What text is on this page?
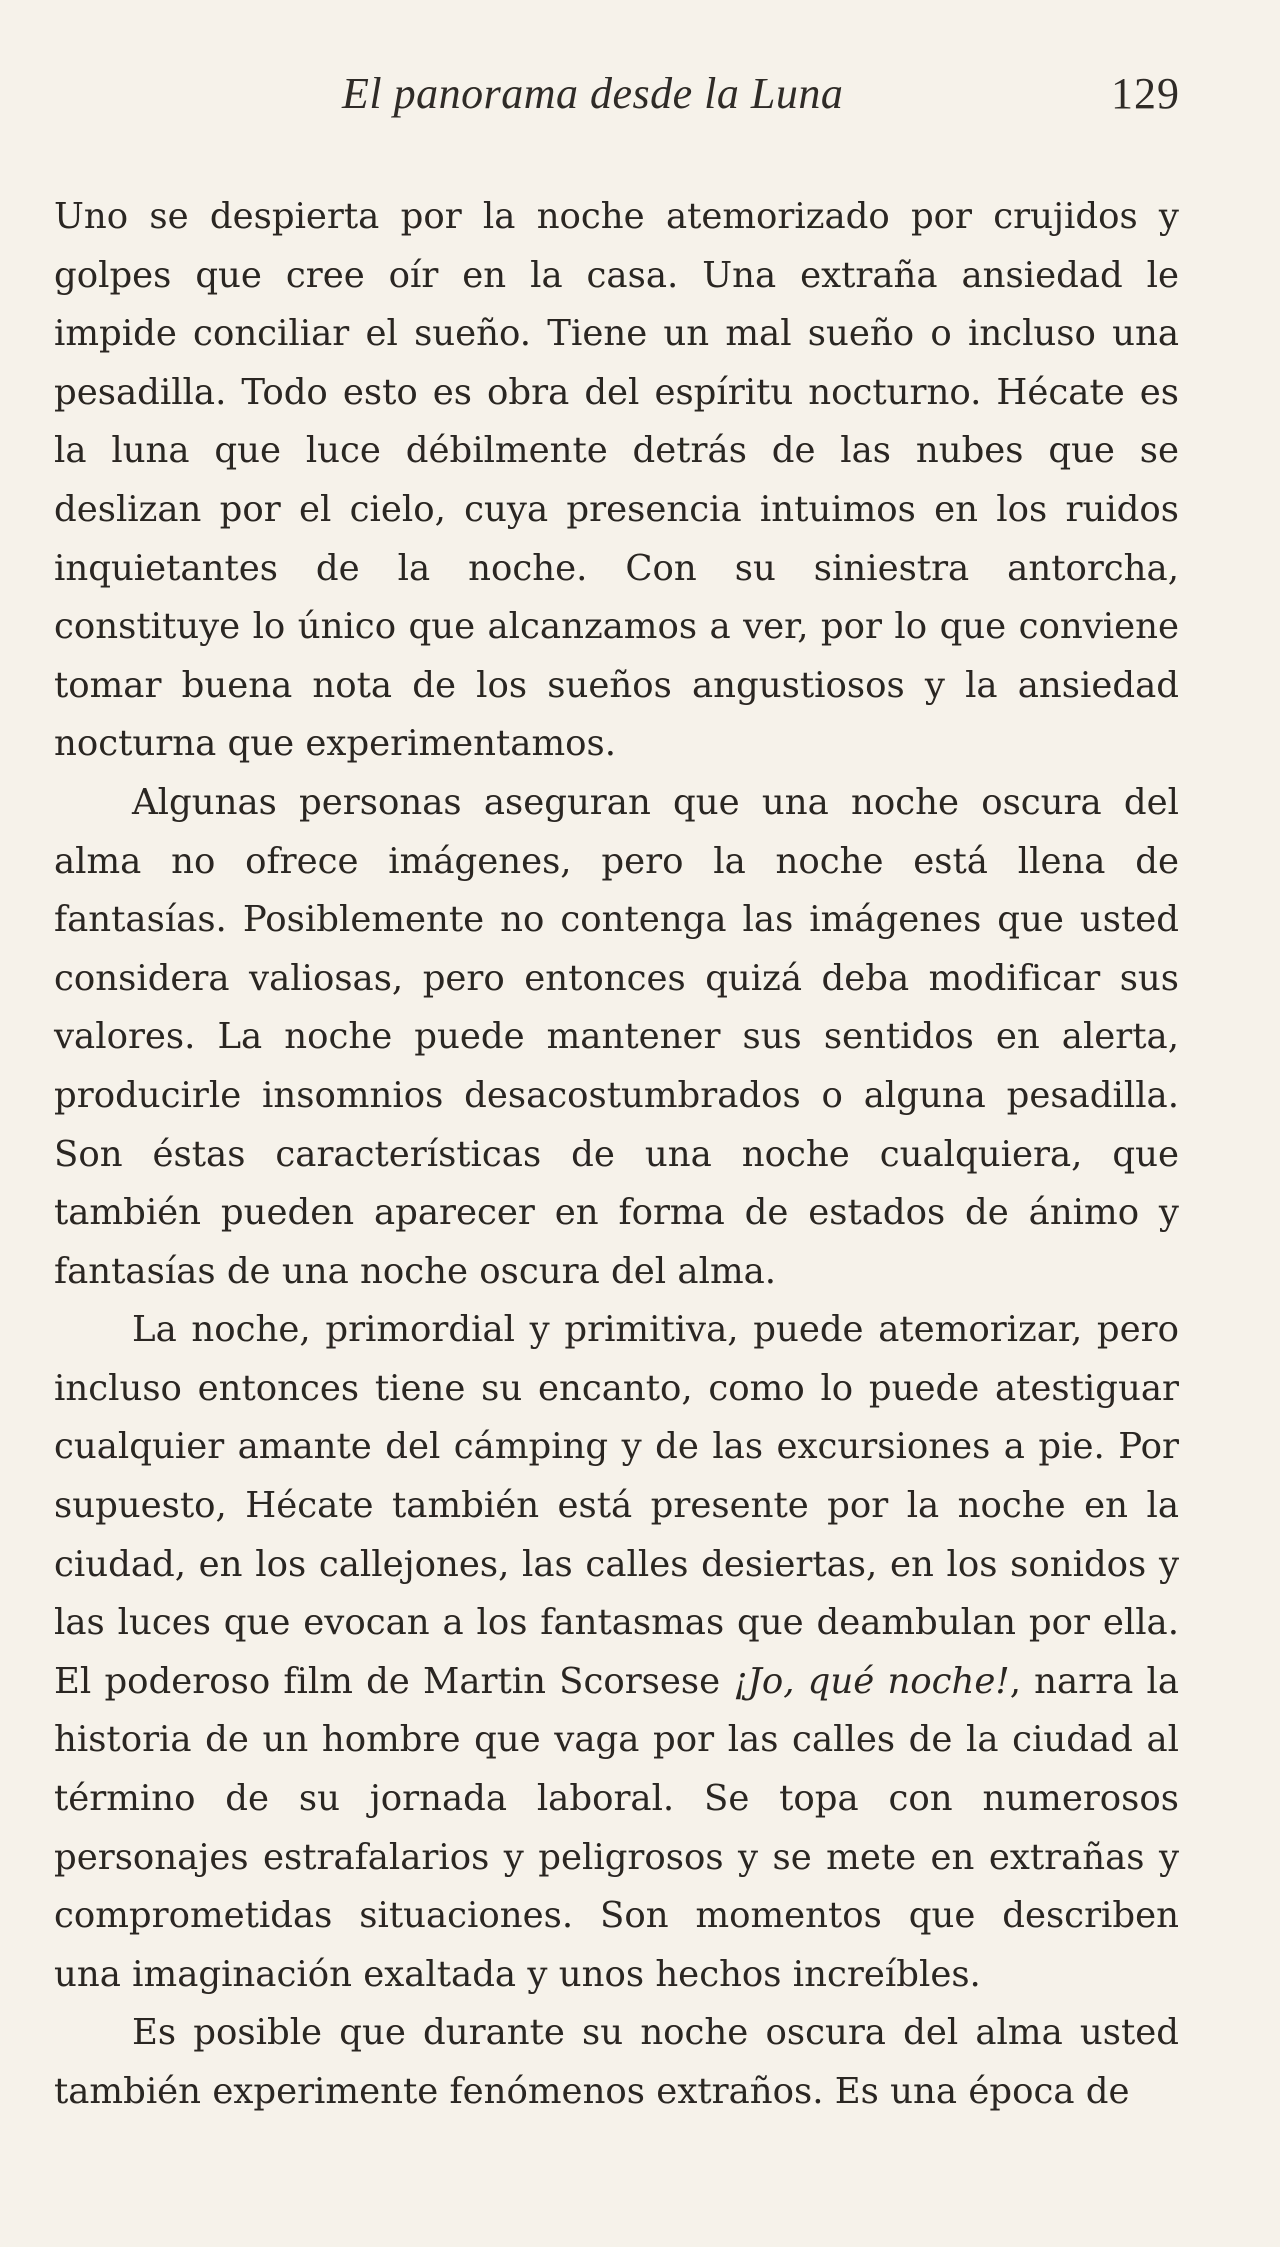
El panorama desde la Luna	129

Uno se despierta por la noche atemorizado por crujidos y golpes que cree oír en la casa. Una extraña ansiedad le impide conciliar el sueño. Tiene un mal sueño o incluso una pesadilla. Todo esto es obra del espíritu nocturno. Hécate es la luna que luce débilmente detrás de las nubes que se deslizan por el cielo, cuya presencia intuimos en los ruidos inquietantes de la noche. Con su siniestra antorcha, constituye lo único que alcanzamos a ver, por lo que conviene tomar buena nota de los sueños angustiosos y la ansiedad nocturna que experimentamos.

Algunas personas aseguran que una noche oscura del alma no ofrece imágenes, pero la noche está llena de fantasías. Posiblemente no contenga las imágenes que usted considera valiosas, pero entonces quizá deba modificar sus valores. La noche puede mantener sus sentidos en alerta, producirle insomnios desacostumbrados o alguna pesadilla. Son éstas características de una noche cualquiera, que también pueden aparecer en forma de estados de ánimo y fantasías de una noche oscura del alma.

La noche, primordial y primitiva, puede atemorizar, pero incluso entonces tiene su encanto, como lo puede atestiguar cualquier amante del cámping y de las excursiones a pie. Por supuesto, Hécate también está presente por la noche en la ciudad, en los callejones, las calles desiertas, en los sonidos y las luces que evocan a los fantasmas que deambulan por ella. El poderoso film de Martin Scorsese ¡Jo, qué noche!, narra la historia de un hombre que vaga por las calles de la ciudad al término de su jornada laboral. Se topa con numerosos personajes estrafalarios y peligrosos y se mete en extrañas y comprometidas situaciones. Son momentos que describen una imaginación exaltada y unos hechos increíbles.

Es posible que durante su noche oscura del alma usted también experimente fenómenos extraños. Es una época de
